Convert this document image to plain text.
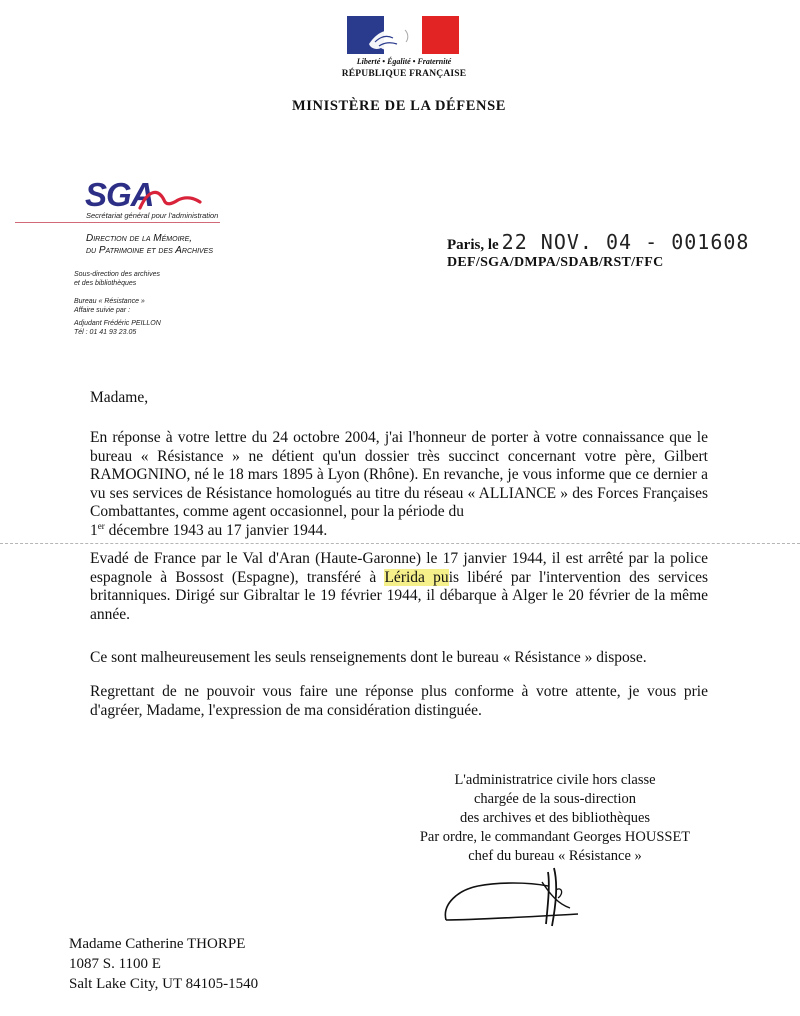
Liberté • Égalité • Fraternité
RÉPUBLIQUE FRANÇAISE
MINISTÈRE DE LA DÉFENSE
SGA
Secrétariat général pour l'administration
Direction de la Mémoire,
du Patrimoine et des Archives
Sous-direction des archives
et des bibliothèques
Bureau « Résistance »
Affaire suivie par :
Adjudant Frédéric PEILLON
Tél : 01 41 93 23.05
Paris, le 22 NOV. 04 - 001608
DEF/SGA/DMPA/SDAB/RST/FFC
Madame,
En réponse à votre lettre du 24 octobre 2004, j'ai l'honneur de porter à votre connaissance que le bureau « Résistance » ne détient qu'un dossier très succinct concernant votre père, Gilbert RAMOGNINO, né le 18 mars 1895 à Lyon (Rhône). En revanche, je vous informe que ce dernier a vu ses services de Résistance homologués au titre du réseau « ALLIANCE » des Forces Françaises Combattantes, comme agent occasionnel, pour la période du
1er décembre 1943 au 17 janvier 1944.
Evadé de France par le Val d'Aran (Haute-Garonne) le 17 janvier 1944, il est arrêté par la police espagnole à Bossost (Espagne), transféré à Lérida puis libéré par l'intervention des services britanniques. Dirigé sur Gibraltar le 19 février 1944, il débarque à Alger le 20 février de la même année.
Ce sont malheureusement les seuls renseignements dont le bureau « Résistance » dispose.
Regrettant de ne pouvoir vous faire une réponse plus conforme à votre attente, je vous prie d'agréer, Madame, l'expression de ma considération distinguée.
L'administratrice civile hors classe
chargée de la sous-direction
des archives et des bibliothèques
Par ordre, le commandant Georges HOUSSET
chef du bureau « Résistance »
Madame Catherine THORPE
1087 S. 1100 E
Salt Lake City, UT 84105-1540
